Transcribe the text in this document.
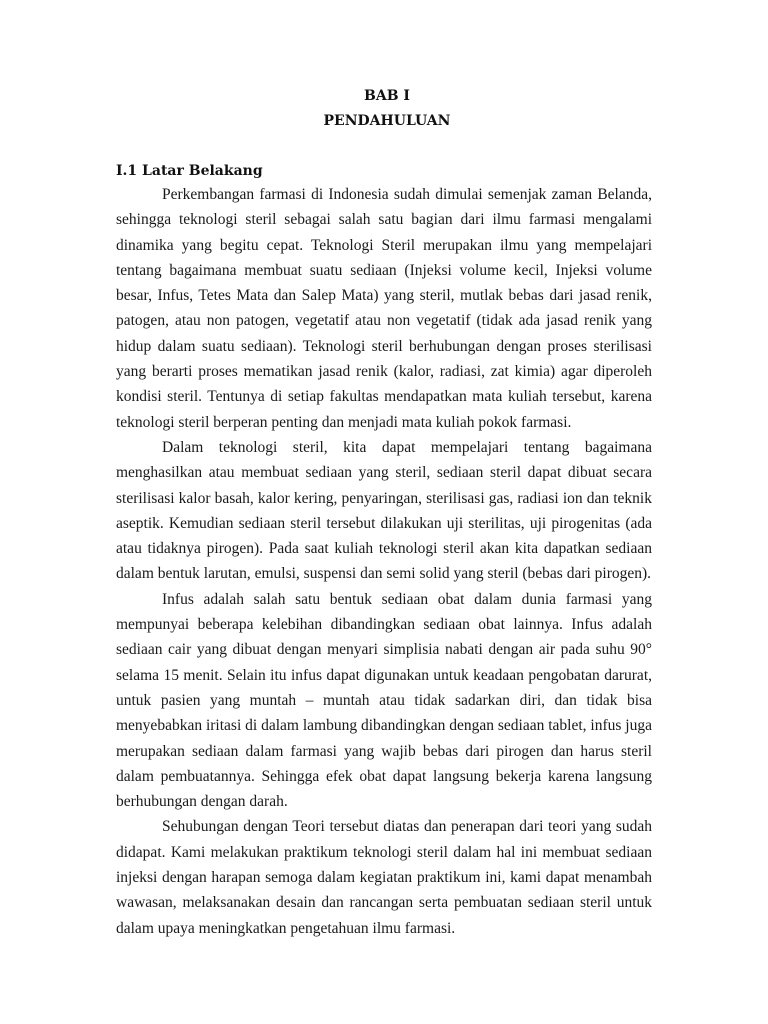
BAB I
PENDAHULUAN
I.1 Latar Belakang

Perkembangan farmasi di Indonesia sudah dimulai semenjak zaman Belanda, sehingga teknologi steril sebagai salah satu bagian dari ilmu farmasi mengalami dinamika yang begitu cepat. Teknologi Steril merupakan ilmu yang mempelajari tentang bagaimana membuat suatu sediaan (Injeksi volume kecil, Injeksi volume besar, Infus, Tetes Mata dan Salep Mata) yang steril, mutlak bebas dari jasad renik, patogen, atau non patogen, vegetatif atau non vegetatif (tidak ada jasad renik yang hidup dalam suatu sediaan). Teknologi steril berhubungan dengan proses sterilisasi yang berarti proses mematikan jasad renik (kalor, radiasi, zat kimia) agar diperoleh kondisi steril. Tentunya di setiap fakultas mendapatkan mata kuliah tersebut, karena teknologi steril berperan penting dan menjadi mata kuliah pokok farmasi.

Dalam teknologi steril, kita dapat mempelajari tentang bagaimana menghasilkan atau membuat sediaan yang steril, sediaan steril dapat dibuat secara sterilisasi kalor basah, kalor kering, penyaringan, sterilisasi gas, radiasi ion dan teknik aseptik. Kemudian sediaan steril tersebut dilakukan uji sterilitas, uji pirogenitas (ada atau tidaknya pirogen). Pada saat kuliah teknologi steril akan kita dapatkan sediaan dalam bentuk larutan, emulsi, suspensi dan semi solid yang steril (bebas dari pirogen).

Infus adalah salah satu bentuk sediaan obat dalam dunia farmasi yang mempunyai beberapa kelebihan dibandingkan sediaan obat lainnya. Infus adalah sediaan cair yang dibuat dengan menyari simplisia nabati dengan air pada suhu 90° selama 15 menit. Selain itu infus dapat digunakan untuk keadaan pengobatan darurat, untuk pasien yang muntah – muntah atau tidak sadarkan diri, dan tidak bisa menyebabkan iritasi di dalam lambung dibandingkan dengan sediaan tablet, infus juga merupakan sediaan dalam farmasi yang wajib bebas dari pirogen dan harus steril dalam pembuatannya. Sehingga efek obat dapat langsung bekerja karena langsung berhubungan dengan darah.

Sehubungan dengan Teori tersebut diatas dan penerapan dari teori yang sudah didapat. Kami melakukan praktikum teknologi steril dalam hal ini membuat sediaan injeksi dengan harapan semoga dalam kegiatan praktikum ini, kami dapat menambah wawasan, melaksanakan desain dan rancangan serta pembuatan sediaan steril untuk dalam upaya meningkatkan pengetahuan ilmu farmasi.
